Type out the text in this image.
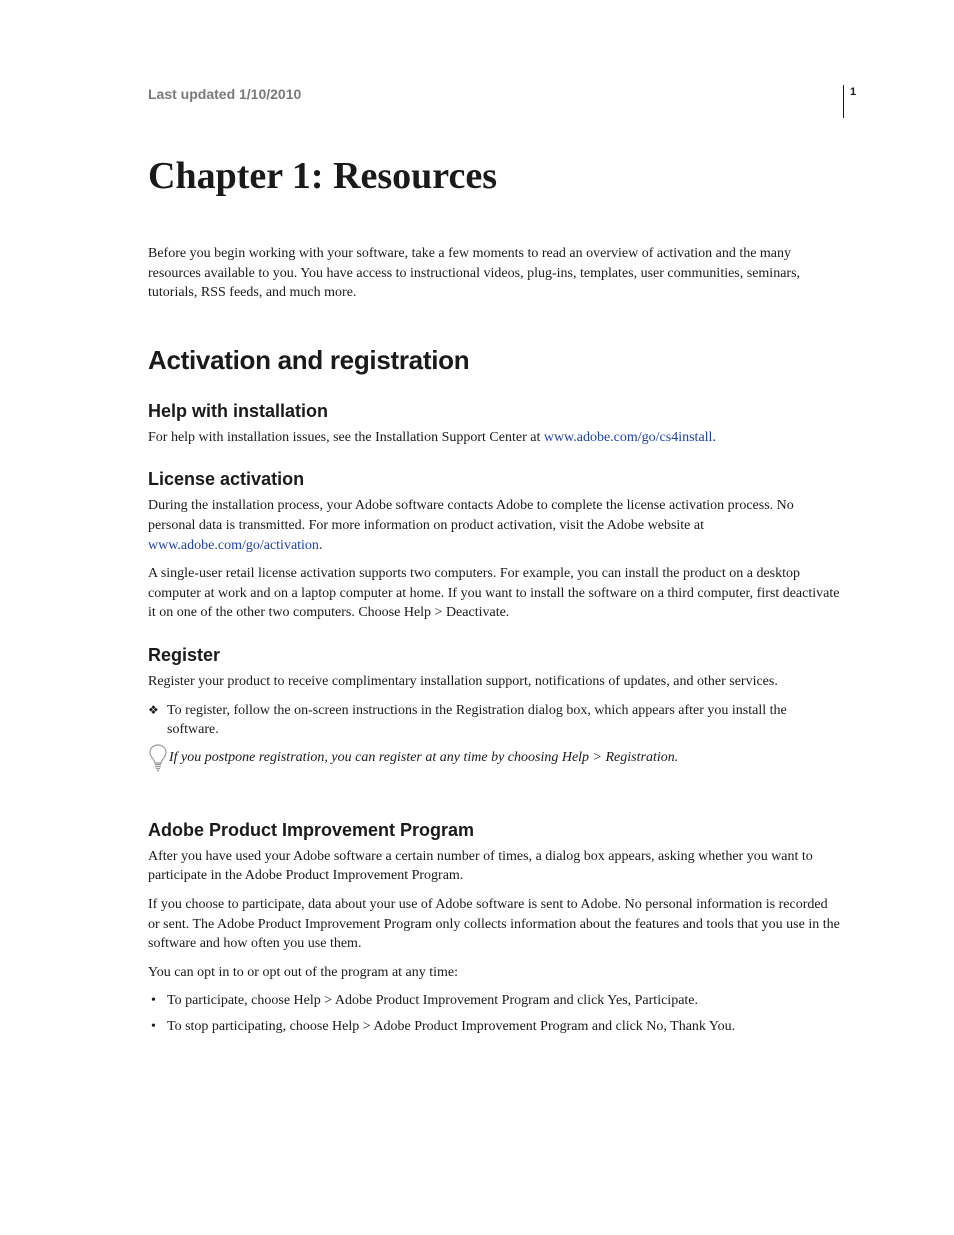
Last updated 1/10/2010	1
Chapter 1: Resources

Before you begin working with your software, take a few moments to read an overview of activation and the many resources available to you. You have access to instructional videos, plug-ins, templates, user communities, seminars, tutorials, RSS feeds, and much more.

Activation and registration
Help with installation

For help with installation issues, see the Installation Support Center at www.adobe.com/go/cs4install.

License activation

During the installation process, your Adobe software contacts Adobe to complete the license activation process. No personal data is transmitted. For more information on product activation, visit the Adobe website at www.adobe.com/go/activation.

A single-user retail license activation supports two computers. For example, you can install the product on a desktop computer at work and on a laptop computer at home. If you want to install the software on a third computer, first deactivate it on one of the other two computers. Choose Help > Deactivate.

Register

Register your product to receive complimentary installation support, notifications of updates, and other services.

❖ To register, follow the on-screen instructions in the Registration dialog box, which appears after you install the software.
If you postpone registration, you can register at any time by choosing Help > Registration.
Adobe Product Improvement Program

After you have used your Adobe software a certain number of times, a dialog box appears, asking whether you want to participate in the Adobe Product Improvement Program.

If you choose to participate, data about your use of Adobe software is sent to Adobe. No personal information is recorded or sent. The Adobe Product Improvement Program only collects information about the features and tools that you use in the software and how often you use them.

You can opt in to or opt out of the program at any time:

• To participate, choose Help > Adobe Product Improvement Program and click Yes, Participate.
• To stop participating, choose Help > Adobe Product Improvement Program and click No, Thank You.
